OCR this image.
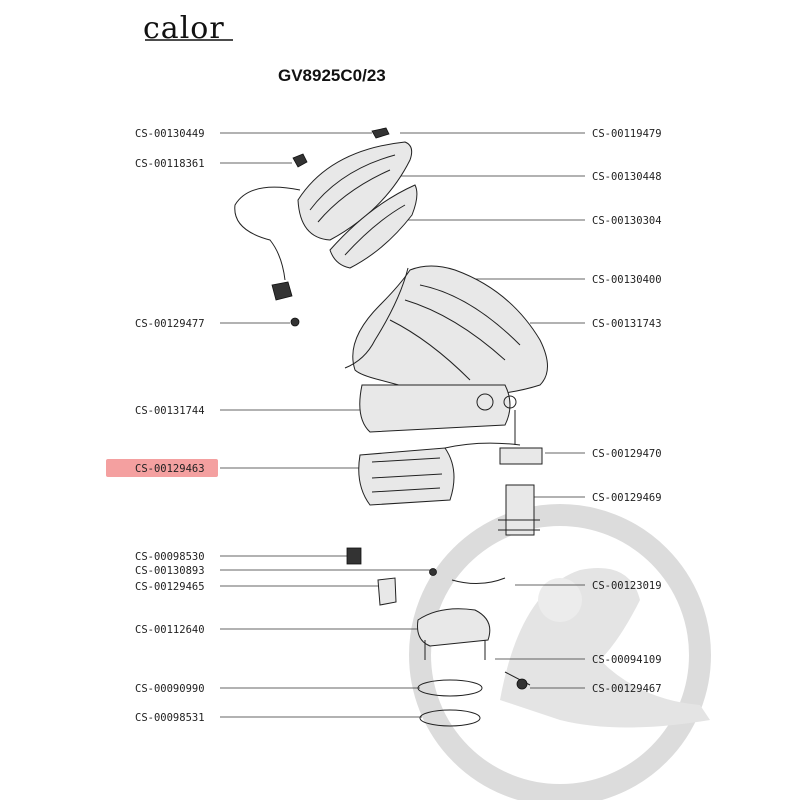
calor
GV8925C0/23
CS-00130449
CS-00118361
CS-00129477
CS-00131744
CS-00129463
CS-00098530
CS-00130893
CS-00129465
CS-00112640
CS-00090990
CS-00098531
CS-00119479
CS-00130448
CS-00130304
CS-00130400
CS-00131743
CS-00129470
CS-00129469
CS-00123019
CS-00094109
CS-00129467
